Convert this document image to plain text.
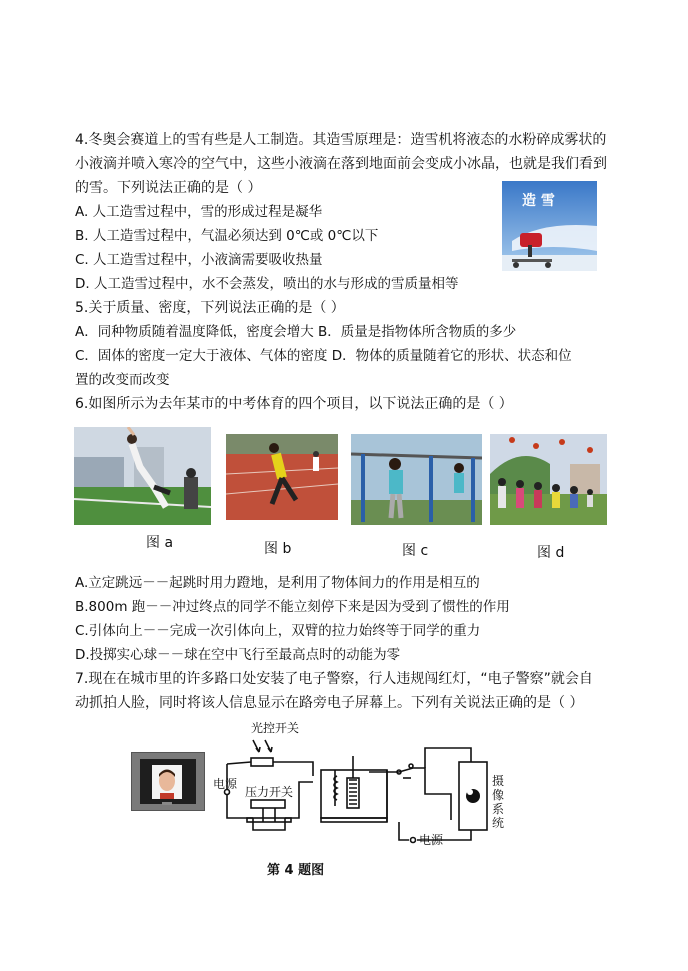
4.冬奥会赛道上的雪有些是人工制造。其造雪原理是：造雪机将液态的水粉碎成雾状的
小液滴并喷入寒冷的空气中，这些小液滴在落到地面前会变成小冰晶，也就是我们看到
的雪。下列说法正确的是（ ）
A. 人工造雪过程中，雪的形成过程是凝华
B. 人工造雪过程中，气温必须达到 0℃或 0℃以下
C. 人工造雪过程中，小液滴需要吸收热量
D. 人工造雪过程中，水不会蒸发，喷出的水与形成的雪质量相等
造 雪
5.关于质量、密度，下列说法正确的是（ ）
A．同种物质随着温度降低，密度会增大 B．质量是指物体所含物质的多少
C．固体的密度一定大于液体、气体的密度 D．物体的质量随着它的形状、状态和位
置的改变而改变
6.如图所示为去年某市的中考体育的四个项目，以下说法正确的是（ ）
图 a	图 b	图 c	图 d
A.立定跳远－－起跳时用力蹬地，是利用了物体间力的作用是相互的
B.800m 跑－－冲过终点的同学不能立刻停下来是因为受到了惯性的作用
C.引体向上－－完成一次引体向上，双臂的拉力始终等于同学的重力
D.投掷实心球－－球在空中飞行至最高点时的动能为零
7.现在在城市里的许多路口处安装了电子警察，行人违规闯红灯，“电子警察”就会自
动抓拍人脸，同时将该人信息显示在路旁电子屏幕上。下列有关说法正确的是（ ）
光控开关
电源
压力开关
电源
摄像系统
第 4 题图
